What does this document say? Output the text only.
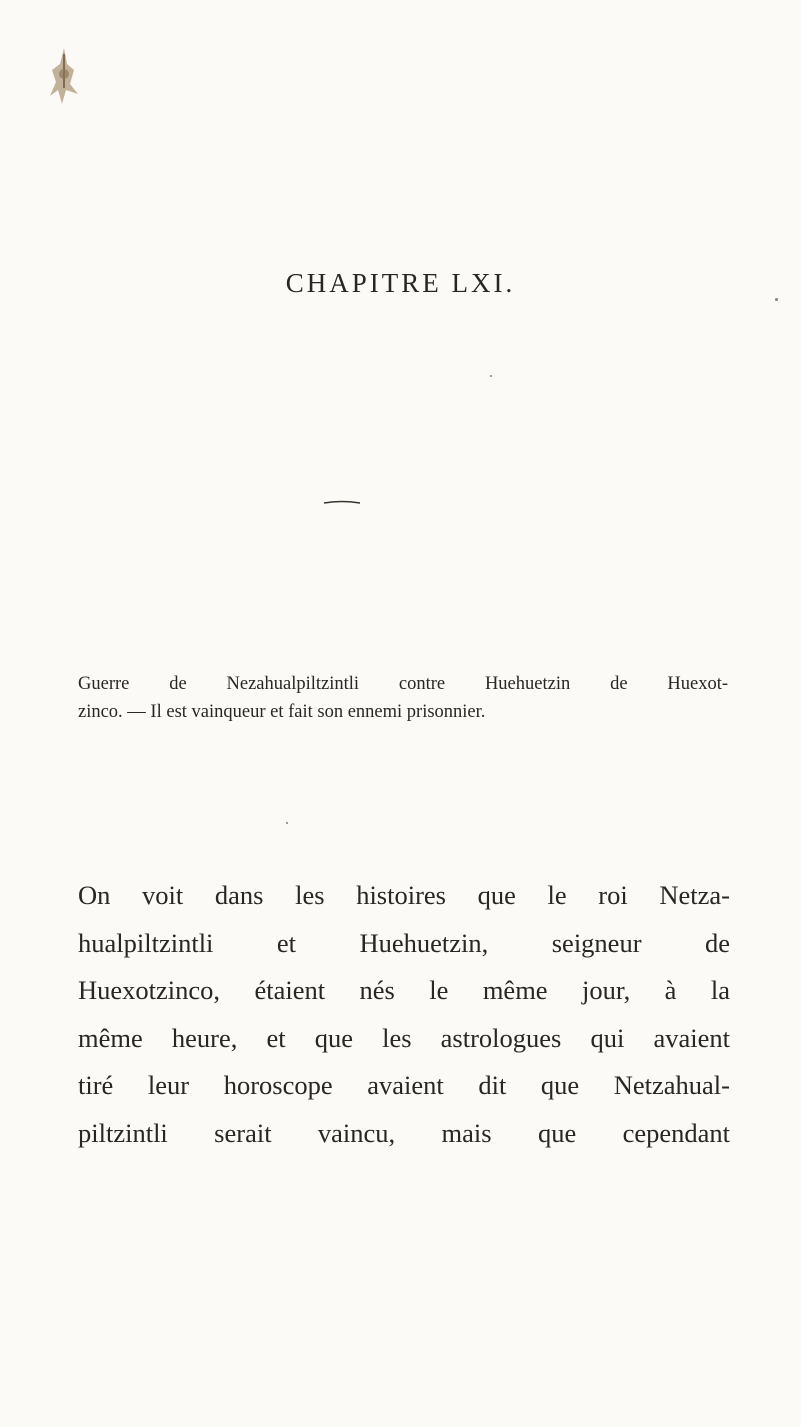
CHAPITRE LXI.

Guerre de Nezahualpiltzintli contre Huehuetzin de Huexot-
zinco. — Il est vainqueur et fait son ennemi prisonnier.

On voit dans les histoires que le roi Netza-
hualpiltzintli et Huehuetzin, seigneur de
Huexotzinco, étaient nés le même jour, à la
même heure, et que les astrologues qui avaient
tiré leur horoscope avaient dit que Netzahual-
piltzintli serait vaincu, mais que cependant
